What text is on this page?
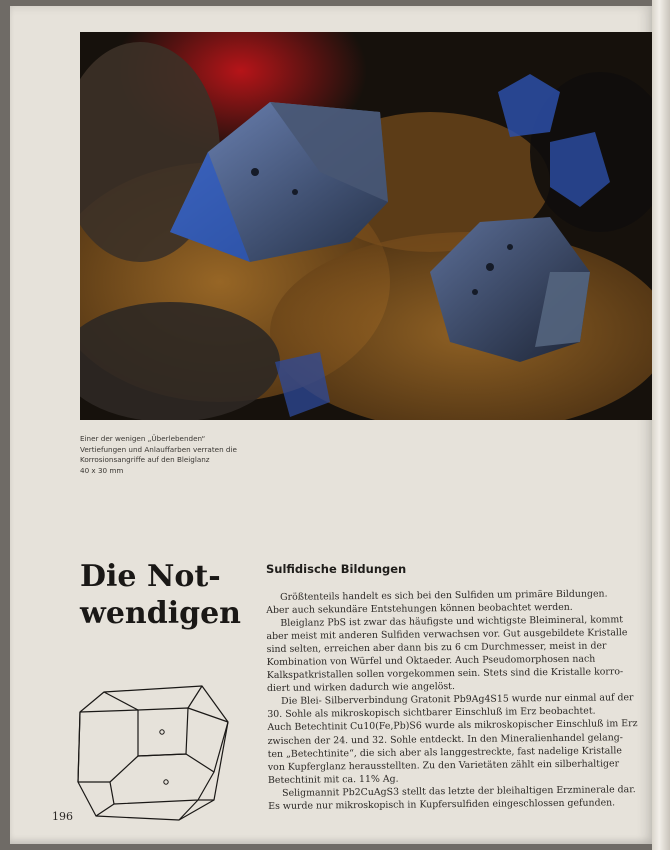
Einer der wenigen „Überlebenden“
Vertiefungen und Anlauffarben verraten die
Korrosionsangriffe auf den Bleiglanz
40 x 30 mm
Die Not-
wendigen
Sulfidische Bildungen
Größtenteils handelt es sich bei den Sulfiden um primäre Bildungen.
Aber auch sekundäre Entstehungen können beobachtet werden.
Bleiglanz PbS ist zwar das häufigste und wichtigste Bleimineral, kommt
aber meist mit anderen Sulfiden verwachsen vor. Gut ausgebildete Kristalle
sind selten, erreichen aber dann bis zu 6 cm Durchmesser, meist in der
Kombination von Würfel und Oktaeder. Auch Pseudomorphosen nach
Kalkspatkristallen sollen vorgekommen sein. Stets sind die Kristalle korro-
diert und wirken dadurch wie angelöst.
Die Blei- Silberverbindung Gratonit Pb9Ag4S15 wurde nur einmal auf der
30. Sohle als mikroskopisch sichtbarer Einschluß im Erz beobachtet.
Auch Betechtinit Cu10(Fe,Pb)S6 wurde als mikroskopischer Einschluß im Erz
zwischen der 24. und 32. Sohle entdeckt. In den Mineralienhandel gelang-
ten „Betechtinite“, die sich aber als langgestreckte, fast nadelige Kristalle
von Kupferglanz herausstellten. Zu den Varietäten zählt ein silberhaltiger
Betechtinit mit ca. 11% Ag.
Seligmannit Pb2CuAgS3 stellt das letzte der bleihaltigen Erzminerale dar.
Es wurde nur mikroskopisch in Kupfersulfiden eingeschlossen gefunden.
196
